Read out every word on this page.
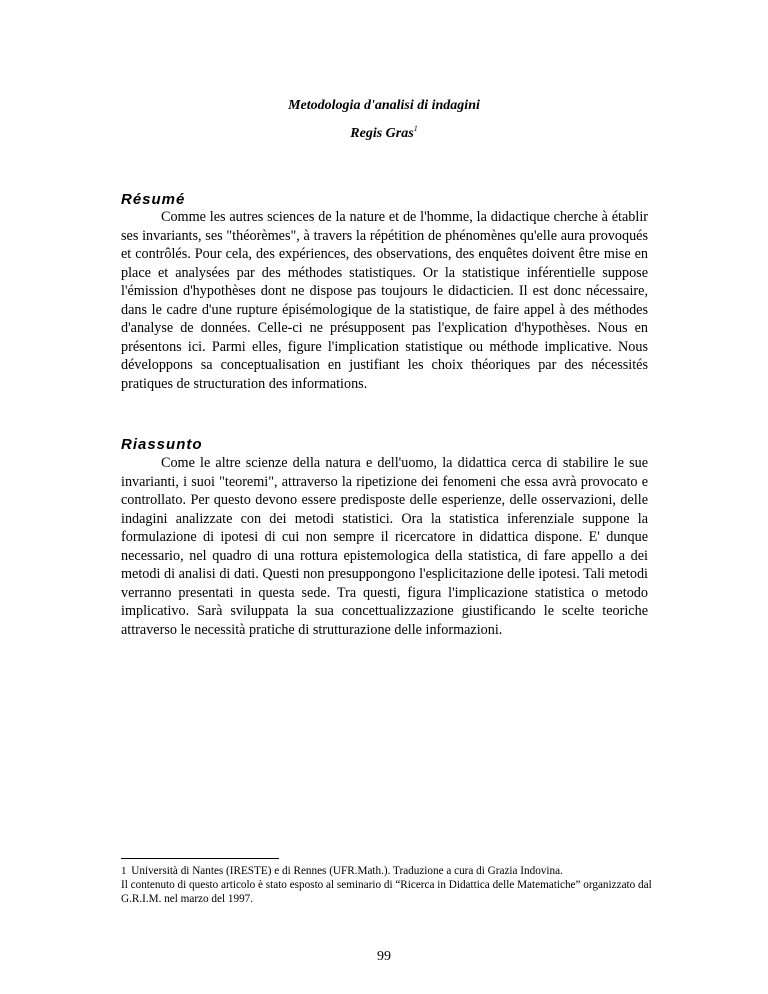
Metodologia d'analisi di indagini
Regis Gras$^1$
Résumé

Comme les autres sciences de la nature et de l'homme, la didactique cherche à établir ses invariants, ses "théorèmes", à travers la répétition de phénomènes qu'elle aura provoqués et contrôlés. Pour cela, des expériences, des observations, des enquêtes doivent être mise en place et analysées par des méthodes statistiques. Or la statistique inférentielle suppose l'émission d'hypothèses dont ne dispose pas toujours le didacticien. Il est donc nécessaire, dans le cadre d'une rupture épisémologique de la statistique, de faire appel à des méthodes d'analyse de données. Celle-ci ne présupposent pas l'explication d'hypothèses. Nous en présentons ici. Parmi elles, figure l'implication statistique ou méthode implicative. Nous développons sa conceptualisation en justifiant les choix théoriques par des nécessités pratiques de structuration des informations.

Riassunto

Come le altre scienze della natura e dell'uomo, la didattica cerca di stabilire le sue invarianti, i suoi "teoremi", attraverso la ripetizione dei fenomeni che essa avrà provocato e controllato. Per questo devono essere predisposte delle esperienze, delle osservazioni, delle indagini analizzate con dei metodi statistici. Ora la statistica inferenziale suppone la formulazione di ipotesi di cui non sempre il ricercatore in didattica dispone. E' dunque necessario, nel quadro di una rottura epistemologica della statistica, di fare appello a dei metodi di analisi di dati. Questi non presuppongono l'esplicitazione delle ipotesi. Tali metodi verranno presentati in questa sede. Tra questi, figura l'implicazione statistica o metodo implicativo. Sarà sviluppata la sua concettualizzazione giustificando le scelte teoriche attraverso le necessità pratiche di strutturazione delle informazioni.

1 Università di Nantes (IRESTE) e di Rennes (UFR.Math.). Traduzione a cura di Grazia Indovina.
Il contenuto di questo articolo è stato esposto al seminario di “Ricerca in Didattica delle Matematiche” organizzato dal G.R.I.M. nel marzo del 1997.
99
